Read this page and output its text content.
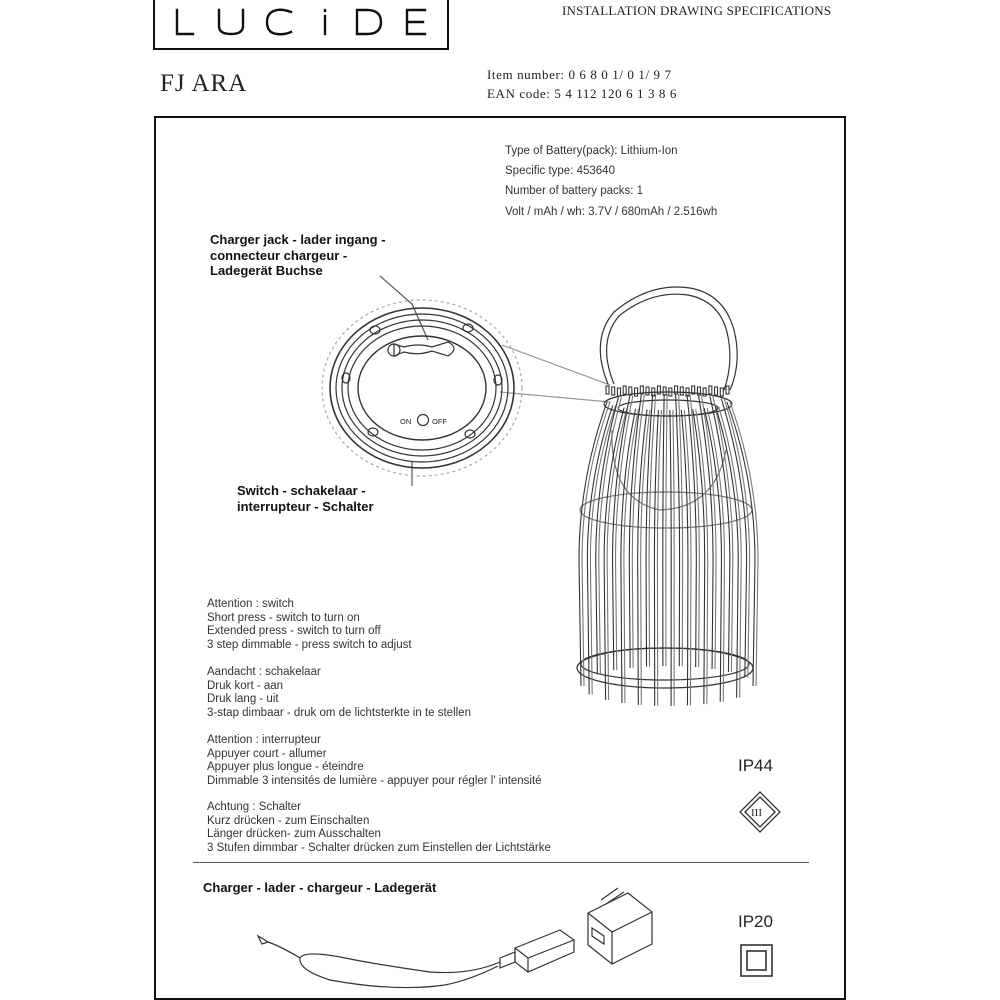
LUCIDE
INSTALLATION DRAWING SPECIFICATIONS
FJ ARA	Item number: 0 6 8 0 1/ 0 1/ 9 7
EAN code: 5 4 112 120 6 1 3 8 6
Type of Battery(pack): Lithium-Ion
Specific type: 453640
Number of battery packs: 1
Volt / mAh / wh: 3.7V / 680mAh / 2.516wh
Charger jack - lader ingang -
connecteur chargeur -
Ladegerät Buchse
Switch - schakelaar -
interrupteur - Schalter
ON	OFF
III
Attention : switch
Short press - switch to turn on
Extended press - switch to turn off
3 step dimmable - press switch to adjust
Aandacht : schakelaar
Druk kort - aan
Druk lang - uit
3-stap dimbaar - druk om de lichtsterkte in te stellen
Attention : interrupteur
Appuyer court - allumer
Appuyer plus longue - éteindre
Dimmable 3 intensités de lumière - appuyer pour régler l' intensité
Achtung : Schalter
Kurz drücken - zum Einschalten
Länger drücken- zum Ausschalten
3 Stufen dimmbar - Schalter drücken zum Einstellen der Lichtstärke
IP44
IP20
Charger - lader - chargeur - Ladegerät
